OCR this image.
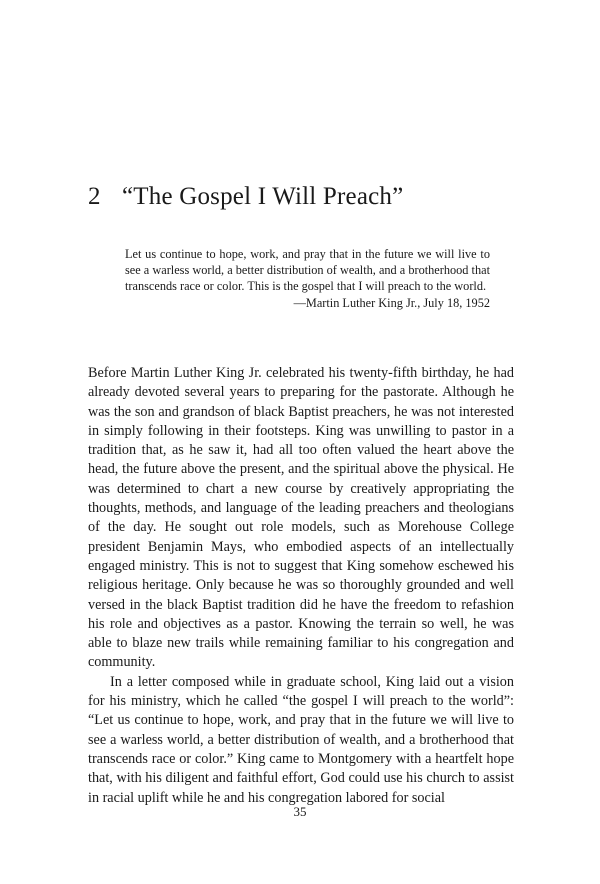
2 “The Gospel I Will Preach”
Let us continue to hope, work, and pray that in the future we will live to see a warless world, a better distribution of wealth, and a brotherhood that transcends race or color. This is the gospel that I will preach to the world.
—Martin Luther King Jr., July 18, 1952

Before Martin Luther King Jr. celebrated his twenty-fifth birthday, he had already devoted several years to preparing for the pastorate. Although he was the son and grandson of black Baptist preachers, he was not interested in simply following in their footsteps. King was unwilling to pastor in a tradition that, as he saw it, had all too often valued the heart above the head, the future above the present, and the spiritual above the physical. He was determined to chart a new course by creatively appropriating the thoughts, methods, and language of the leading preachers and theologians of the day. He sought out role models, such as Morehouse College president Benjamin Mays, who embodied aspects of an intellectually engaged ministry. This is not to suggest that King somehow eschewed his religious heritage. Only because he was so thoroughly grounded and well versed in the black Baptist tradition did he have the freedom to refashion his role and objectives as a pastor. Knowing the terrain so well, he was able to blaze new trails while remaining familiar to his congregation and community.

In a letter composed while in graduate school, King laid out a vision for his ministry, which he called “the gospel I will preach to the world”: “Let us continue to hope, work, and pray that in the future we will live to see a warless world, a better distribution of wealth, and a brotherhood that transcends race or color.” King came to Montgomery with a heartfelt hope that, with his diligent and faithful effort, God could use his church to assist in racial uplift while he and his congregation labored for social

35
